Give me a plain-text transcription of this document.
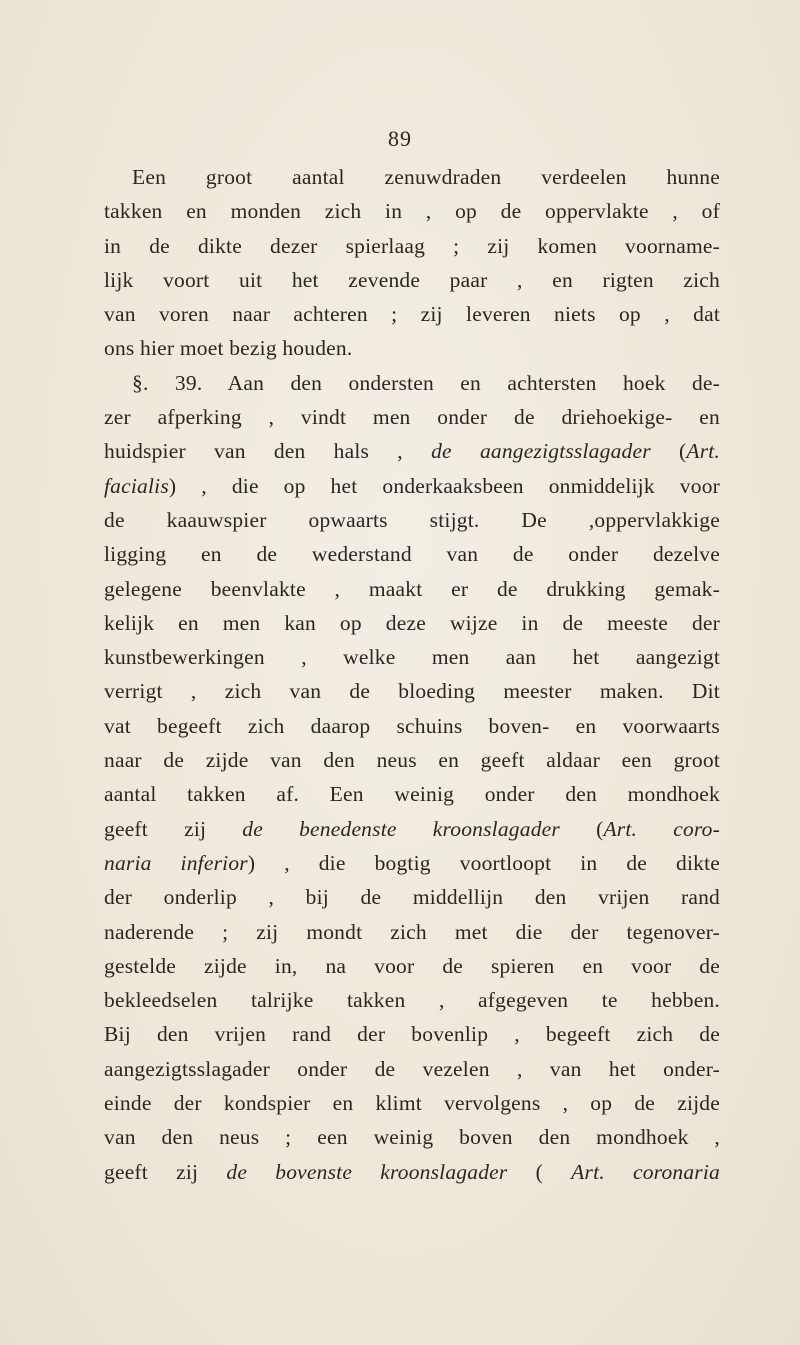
89
Een groot aantal zenuwdraden verdeelen hunne
takken en monden zich in , op de oppervlakte , of
in de dikte dezer spierlaag ; zij komen voorname-
lijk voort uit het zevende paar , en rigten zich
van voren naar achteren ; zij leveren niets op , dat
ons hier moet bezig houden.
§. 39. Aan den ondersten en achtersten hoek de-
zer afperking , vindt men onder de driehoekige- en
huidspier van den hals , de aangezigtsslagader (Art.
facialis) , die op het onderkaaksbeen onmiddelijk voor
de kaauwspier opwaarts stijgt. De ,oppervlakkige
ligging en de wederstand van de onder dezelve
gelegene beenvlakte , maakt er de drukking gemak-
kelijk en men kan op deze wijze in de meeste der
kunstbewerkingen , welke men aan het aangezigt
verrigt , zich van de bloeding meester maken. Dit
vat begeeft zich daarop schuins boven- en voorwaarts
naar de zijde van den neus en geeft aldaar een groot
aantal takken af. Een weinig onder den mondhoek
geeft zij de benedenste kroonslagader (Art. coro-
naria inferior) , die bogtig voortloopt in de dikte
der onderlip , bij de middellijn den vrijen rand
naderende ; zij mondt zich met die der tegenover-
gestelde zijde in, na voor de spieren en voor de
bekleedselen talrijke takken , afgegeven te hebben.
Bij den vrijen rand der bovenlip , begeeft zich de
aangezigtsslagader onder de vezelen , van het onder-
einde der kondspier en klimt vervolgens , op de zijde
van den neus ; een weinig boven den mondhoek ,
geeft zij de bovenste kroonslagader ( Art. coronaria
